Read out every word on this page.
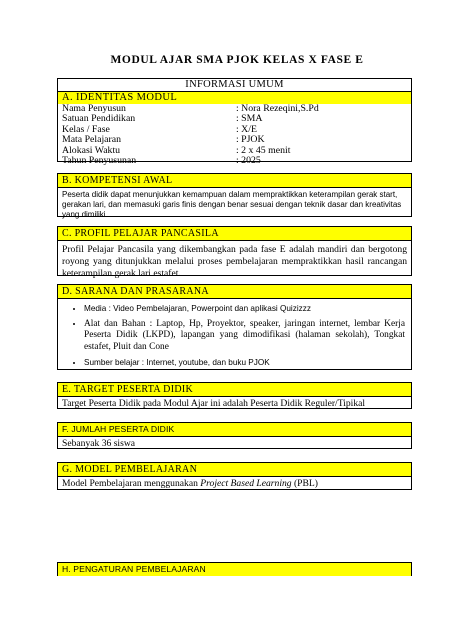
MODUL AJAR SMA PJOK KELAS X FASE E
INFORMASI UMUM
A. IDENTITAS MODUL
Nama Penyusun	: Nora Rezeqini,S.Pd
Satuan Pendidikan	: SMA
Kelas / Fase	: X/E
Mata Pelajaran	: PJOK
Alokasi Waktu	: 2 x 45 menit
Tahun Penyusunan	: 2025
B. KOMPETENSI AWAL
Peserta didik dapat menunjukkan kemampuan dalam mempraktikkan keterampilan gerak start, gerakan lari, dan memasuki garis finis dengan benar sesuai dengan teknik dasar dan kreativitas yang dimiliki.
C. PROFIL PELAJAR PANCASILA
Profil Pelajar Pancasila yang dikembangkan pada fase E adalah mandiri dan bergotong royong yang ditunjukkan melalui proses pembelajaran mempraktikkan hasil rancangan keterampilan gerak lari estafet.
D. SARANA DAN PRASARANA
• Media : Video Pembelajaran, Powerpoint dan aplikasi Quizizzz
• Alat dan Bahan : Laptop, Hp, Proyektor, speaker, jaringan internet, lembar Kerja Peserta Didik (LKPD), lapangan yang dimodifikasi (halaman sekolah), Tongkat estafet, Pluit dan Cone
• Sumber belajar : Internet, youtube, dan buku PJOK
E. TARGET PESERTA DIDIK
Target Peserta Didik pada Modul Ajar ini adalah Peserta Didik Reguler/Tipikal
F. JUMLAH PESERTA DIDIK
Sebanyak 36 siswa
G. MODEL PEMBELAJARAN
Model Pembelajaran menggunakan Project Based Learning (PBL)
H. PENGATURAN PEMBELAJARAN
